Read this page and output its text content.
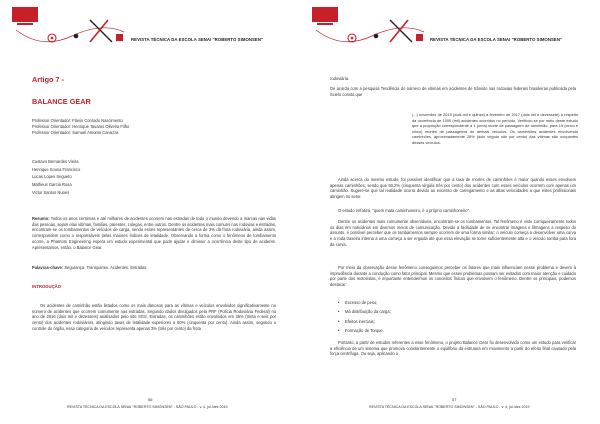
REVISTA TÉCNICA DA ESCOLA SENAI "ROBERTO SIMONSEN"
Artigo 7 -
BALANCE GEAR
Professor Orientador: Flavio Conrado Nascimento
Professor Orientador: Henrique Tavares Oliveira Filho
Professor Orientador: Samuel Amorim Canazza
Custavo Bernardes Vieira
Henrique Sousa Francisco
Lucas Lopes Segueto
Matheus Garcia Rosa
Victor Santos Nunes
Resumo: Todos os anos centenas e até milhares de acidentes ocorrem nas estradas de todo o mundo devendo a marcas nas vidas das pessoas, sejam elas vítimas, familias, parentes, colegas, entre outros. Dentre os acidentes mais comuns nas rodovias e estradas, encontram-se os tombamentos de veículos de carga, sendo esses representantes de cerca de 3% da frota rodoviária, ainda assim, correspondem como o responsáveis pelas maiores índices de letalidade. Observando a forma como o fenômeno de tombamento ocorre, a Phantom Engineering espera um estudo experimental que pode ajudar e diminuir a ocorrência deste tipo de acidente. Apresentamos, então, o Balance Gear.
Palavras-chave: Segurança. Transportes. Acidentes. Estradas
INTRODUÇÃO
Os acidentes de caminhão estão listados como os mais danosos para as vítimas e veículos envolvidos significativamente no número de acidentes que ocorrem comumente nas estradas. Segundo dados divulgados pela PRF (Polícia Rodoviária Federal) no ano de 2016 (dois mil e dezesseis) analisados pelo site SGS, Estradas, os caminhões estão envolvidos em 36% (trinta e seis por cento) dos acidentes rodoviários, atingindo taxas de letalidade superiores a 50% (cinquenta por cento). Ainda assim, segundo o controle do órgão, essa categoria de veículos representa apenas 3% (três por cento) da frota
56
REVISTA TÉCNICA DA ESCOLA SENAI "ROBERTO SIMONSEN" - SÃO PAULO - v. 4, jul./dez 2019
REVISTA TÉCNICA DA ESCOLA SENAI "ROBERTO SIMONSEN"
rodoviária.
De acordo com a pesquisa Tendência do número de vítimas em acidentes de trânsito nas rodovias federais brasileiras publicada pela Scielo consta que
(...) novembro de 2015 (dois mil e quinze) a fevereiro de 2017 (dois mil e dezessete) a respeito da ocorrência de 1000 (mil) acidentes ocorridos no período. Verificou-se por meio deste estudo que a proporção correspondente a 1 (uma) morte de passageiro de caminhão, para 15 (cinco e cinco) mortes de passageiros de demais veículos. Os caminhões acidentes envolvendo caminhões, aproximadamente 28% (dois vírgula oito por cento) das vítimas são ocupantes desses veículos.
Ainda acerca do mesmo estudo, foi possível identificar que a taxa de mortes de caminhões é maior quando esses envolvem apenas caminhões, sendo que 50,2% (cinquenta vírgula três por cento) dos acidentes com esses veículos ocorrem com apenas um caminhão. Sugere-se que tal realidade ocorra devido ao excesso de carregamento e as altas velocidades a que estes profissionais atingem no setor.
O estudo enfatiza, "quem mata caminhoneiro, é o próprio caminhoneiro".
Dentre os acidentes mais comumente observáveis, encontram-se os tombamentos. Tal fenômeno é visto corriqueiramente todos os dias em noticiários em diversos meios de comunicação. Devido a facilidade de se encontrar imagens e filmagens a respeito do assunto, é possível perceber que os tombamentos sempre ocorrem de uma forma similar: o veículo começa a desenvolver uma curva e a roda traseira interna a uma começa a ser erguida até que essa elevação se torne suficientemente alta e o veículo tomba para fora da curva.
Por meio da observação desse fenômeno conseguimos perceber os fatores que mais influenciam nesse problema e devem à imprudência durante a condução como fator principal. Mesmo que esses problemas possam ser evitados com maior atenção e cuidado por parte dos motoristas, é importante entendermos os conceitos físicos que envolvem o fenômeno. Dentre os principais, podemos destacar:
• Excesso de peso;
• Má distribuição da carga;
• Efeitos inerciais;
• Formação de Torque.
Portanto, a partir de estudos referentes a esse fenômeno, o projeto Balance Gear foi desenvolvido como um estudo para verificar a eficiência de um sistema que promova constantemente o equilíbrio da estrutura em movimento a partir do efeito final causado pela força centrífuga. Ou seja, aplicando o
57
REVISTA TÉCNICA DA ESCOLA SENAI "ROBERTO SIMONSEN" - SÃO PAULO - v. 4, jul./dez 2019
